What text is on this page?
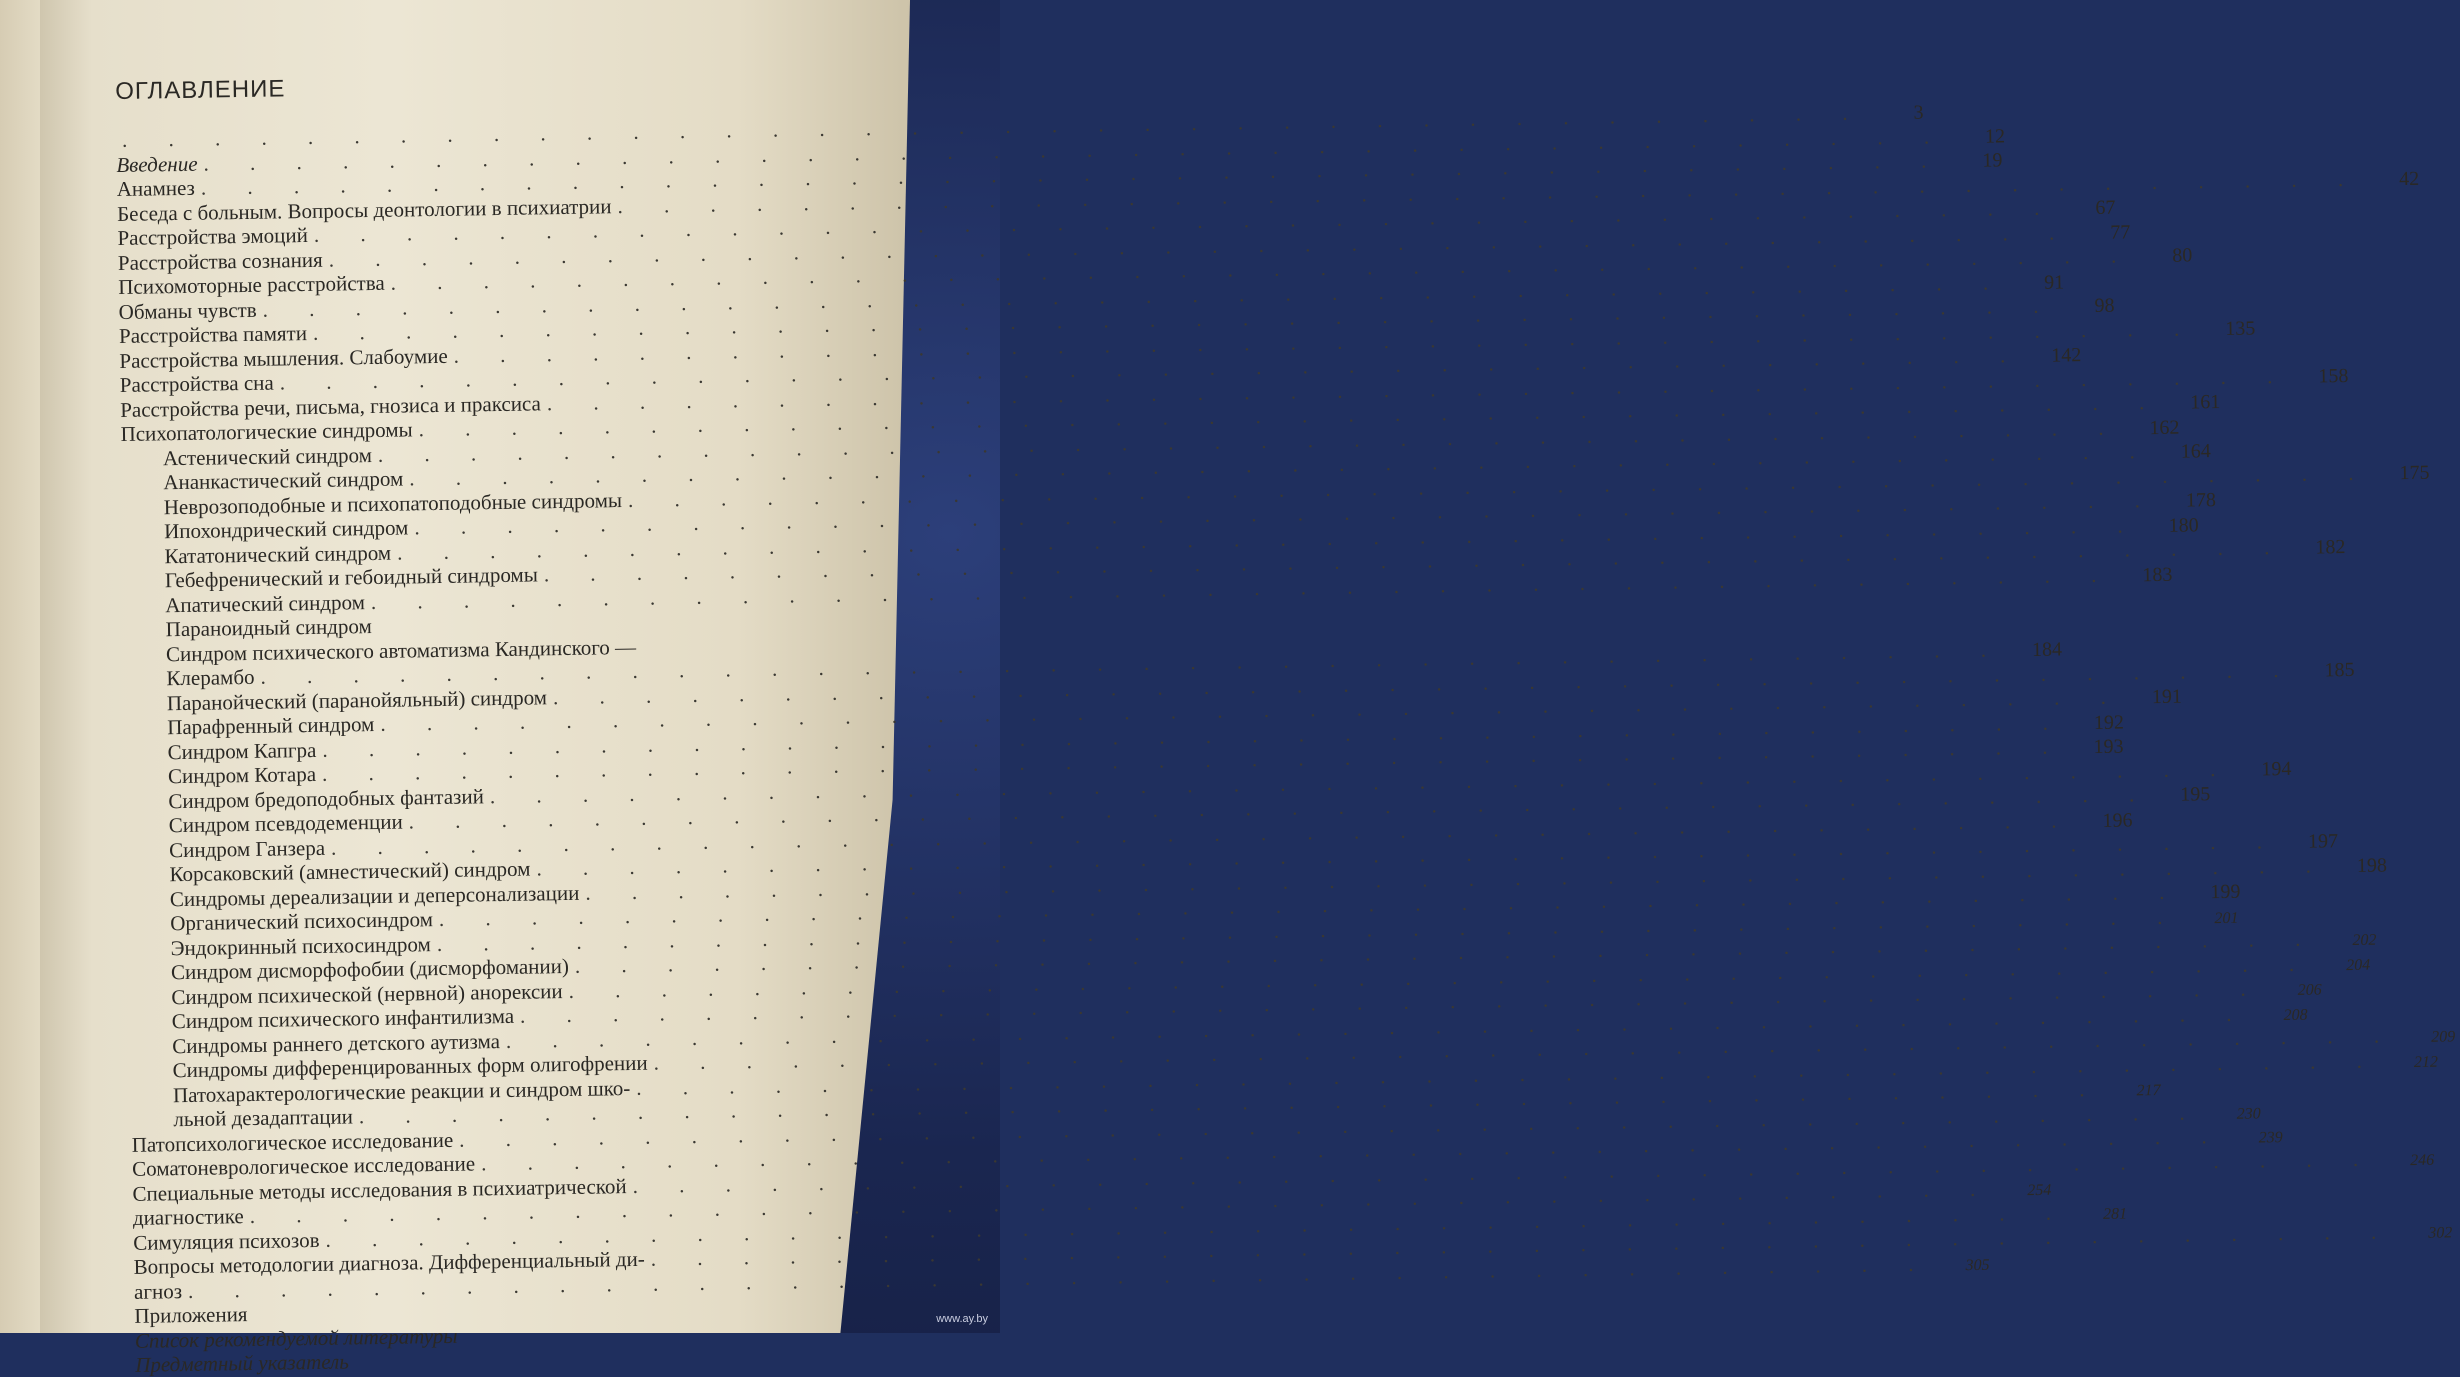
ОГЛАВЛЕНИЕ
. . .
3
Введение
. . .
12
Анамнез
. . .
19
Беседа с больным. Вопросы деонтологии в психиатрии
. . .
42
Расстройства эмоций
. . .
67
Расстройства сознания
. . .
77
Психомоторные расстройства
. . .
80
Обманы чувств
. . .
91
Расстройства памяти
. . .
98
Расстройства мышления. Слабоумие
. . .
135
Расстройства сна
. . .
142
Расстройства речи, письма, гнозиса и праксиса
. . .
158
Психопатологические синдромы
. . .
161
Астенический синдром
. . .
162
Ананкастический синдром
. . .
164
Неврозоподобные и психопатоподобные синдромы
. . .
175
Ипохондрический синдром
. . .
178
Кататонический синдром
. . .
180
Гебефренический и гебоидный синдромы
. . .
182
Апатический синдром
. . .
183
Параноидный синдром
Синдром психического автоматизма Кандинского —
Клерамбо
. . .
184
Паранойческий (паранойяльный) синдром
. . .
185
Парафренный синдром
. . .
191
Синдром Капгра
. . .
192
Синдром Котара
. . .
193
Синдром бредоподобных фантазий
. . .
194
Синдром псевдодеменции
. . .
195
Синдром Ганзера
. . .
196
Корсаковский (амнестический) синдром
. . .
197
Синдромы дереализации и деперсонализации
. . .
198
Органический психосиндром
. . .
199
Эндокринный психосиндром
. . .
201
Синдром дисморфофобии (дисморфомании)
. . .
202
Синдром психической (нервной) анорексии
. . .
204
Синдром психического инфантилизма
. . .
206
Синдромы раннего детского аутизма
. . .
208
Синдромы дифференцированных форм олигофрении
. . .
209
Патохарактерологические реакции и синдром шко-
. . .
212
льной дезадаптации
. . .
217
Патопсихологическое исследование
. . .
230
Соматоневрологическое исследование
. . .
239
Специальные методы исследования в психиатрической
. . .
246
диагностике
. . .
254
Симуляция психозов
. . .
281
Вопросы методологии диагноза. Дифференциальный ди-
. . .
302
агноз
. . .
305
Приложения
Список рекомендуемой литературы
Предметный указатель
www.ay.by
